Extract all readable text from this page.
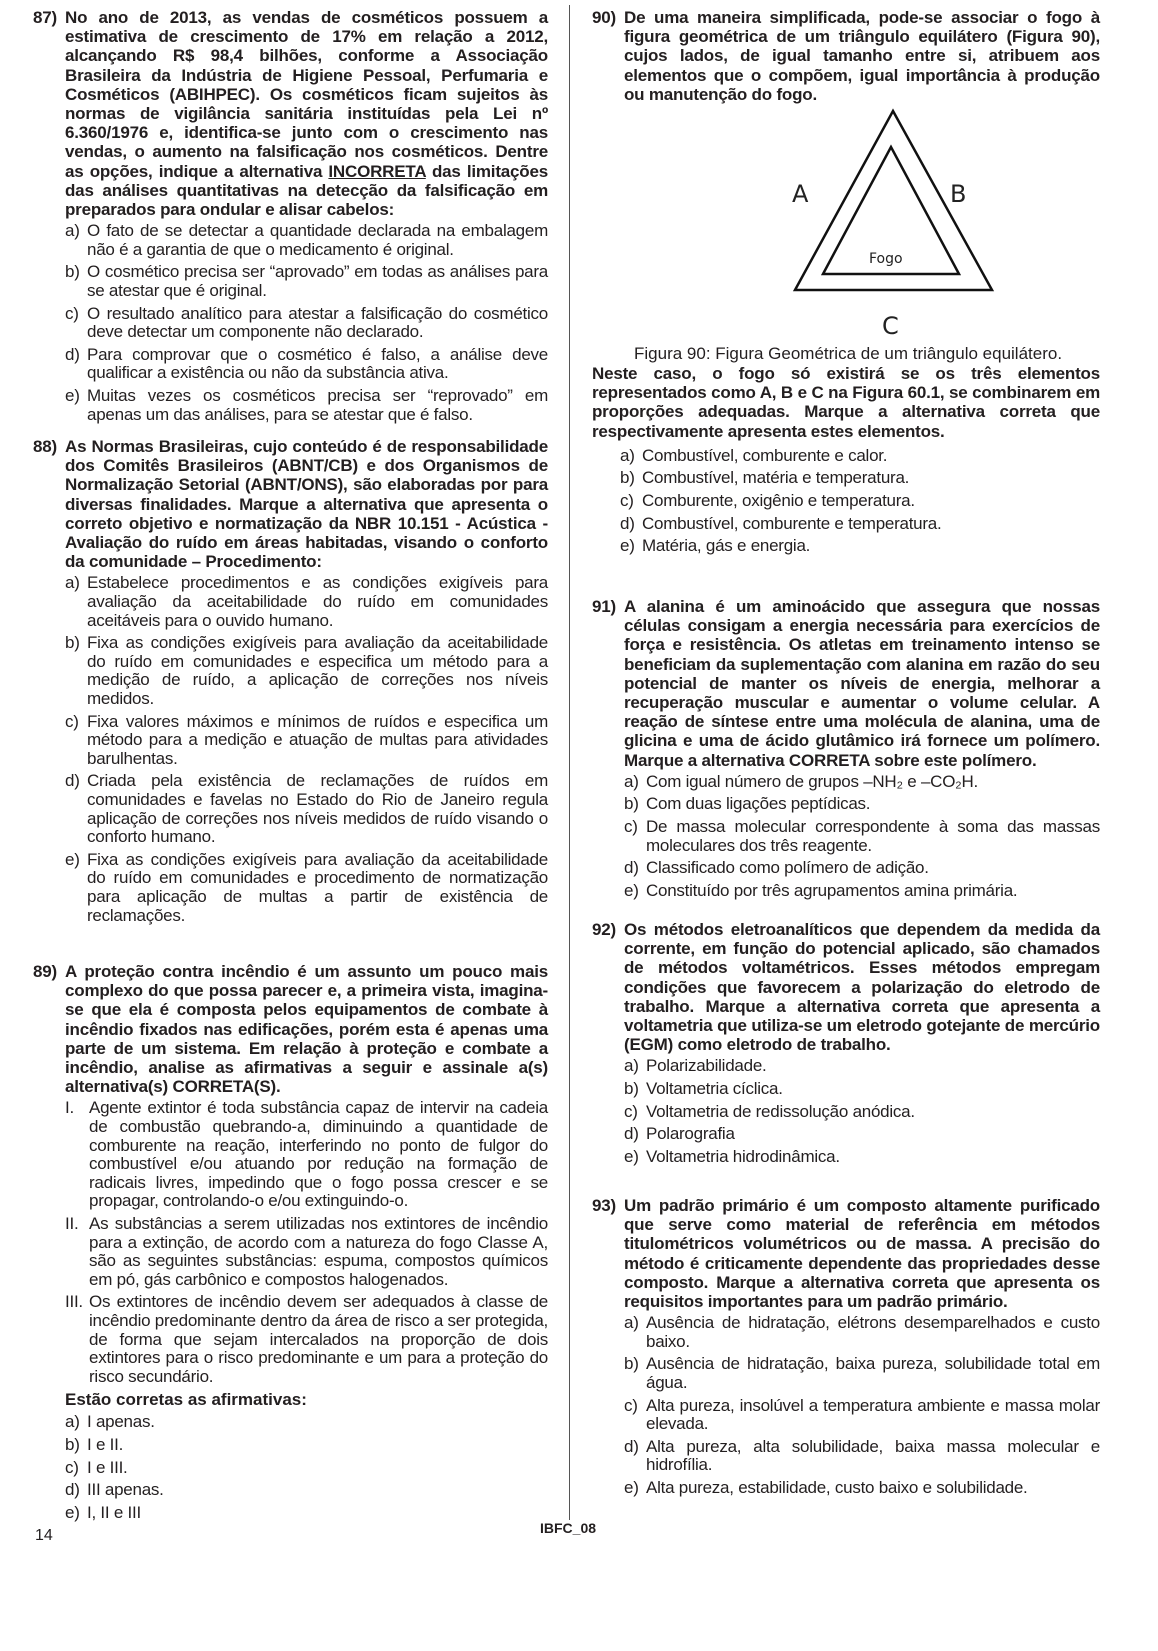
87) No ano de 2013, as vendas de cosméticos possuem a estimativa de crescimento de 17% em relação a 2012, alcançando R$ 98,4 bilhões, conforme a Associação Brasileira da Indústria de Higiene Pessoal, Perfumaria e Cosméticos (ABIHPEC). Os cosméticos ficam sujeitos às normas de vigilância sanitária instituídas pela Lei nº 6.360/1976 e, identifica-se junto com o crescimento nas vendas, o aumento na falsificação nos cosméticos. Dentre as opções, indique a alternativa INCORRETA das limitações das análises quantitativas na detecção da falsificação em preparados para ondular e alisar cabelos:
a) O fato de se detectar a quantidade declarada na embalagem não é a garantia de que o medicamento é original.
b) O cosmético precisa ser “aprovado” em todas as análises para se atestar que é original.
c) O resultado analítico para atestar a falsificação do cosmético deve detectar um componente não declarado.
d) Para comprovar que o cosmético é falso, a análise deve qualificar a existência ou não da substância ativa.
e) Muitas vezes os cosméticos precisa ser “reprovado” em apenas um das análises, para se atestar que é falso.
88) As Normas Brasileiras, cujo conteúdo é de responsabilidade dos Comitês Brasileiros (ABNT/CB) e dos Organismos de Normalização Setorial (ABNT/ONS), são elaboradas por para diversas finalidades. Marque a alternativa que apresenta o correto objetivo e normatização da NBR 10.151 - Acústica - Avaliação do ruído em áreas habitadas, visando o conforto da comunidade – Procedimento:
a) Estabelece procedimentos e as condições exigíveis para avaliação da aceitabilidade do ruído em comunidades aceitáveis para o ouvido humano.
b) Fixa as condições exigíveis para avaliação da aceitabilidade do ruído em comunidades e especifica um método para a medição de ruído, a aplicação de correções nos níveis medidos.
c) Fixa valores máximos e mínimos de ruídos e especifica um método para a medição e atuação de multas para atividades barulhentas.
d) Criada pela existência de reclamações de ruídos em comunidades e favelas no Estado do Rio de Janeiro regula aplicação de correções nos níveis medidos de ruído visando o conforto humano.
e) Fixa as condições exigíveis para avaliação da aceitabilidade do ruído em comunidades e procedimento de normatização para aplicação de multas a partir de existência de reclamações.
89) A proteção contra incêndio é um assunto um pouco mais complexo do que possa parecer e, a primeira vista, imagina-se que ela é composta pelos equipamentos de combate à incêndio fixados nas edificações, porém esta é apenas uma parte de um sistema. Em relação à proteção e combate a incêndio, analise as afirmativas a seguir e assinale a(s) alternativa(s) CORRETA(S).
I. Agente extintor é toda substância capaz de intervir na cadeia de combustão quebrando-a, diminuindo a quantidade de comburente na reação, interferindo no ponto de fulgor do combustível e/ou atuando por redução na formação de radicais livres, impedindo que o fogo possa crescer e se propagar, controlando-o e/ou extinguindo-o.
II. As substâncias a serem utilizadas nos extintores de incêndio para a extinção, de acordo com a natureza do fogo Classe A, são as seguintes substâncias: espuma, compostos químicos em pó, gás carbônico e compostos halogenados.
III. Os extintores de incêndio devem ser adequados à classe de incêndio predominante dentro da área de risco a ser protegida, de forma que sejam intercalados na proporção de dois extintores para o risco predominante e um para a proteção do risco secundário.
Estão corretas as afirmativas:
a) I apenas.
b) I e II.
c) I e III.
d) III apenas.
e) I, II e III
90) De uma maneira simplificada, pode-se associar o fogo à figura geométrica de um triângulo equilátero (Figura 90), cujos lados, de igual tamanho entre si, atribuem aos elementos que o compõem, igual importância à produção ou manutenção do fogo.
A	B
C
Fogo
Figura 90: Figura Geométrica de um triângulo equilátero.
Neste caso, o fogo só existirá se os três elementos representados como A, B e C na Figura 60.1, se combinarem em proporções adequadas. Marque a alternativa correta que respectivamente apresenta estes elementos.
a) Combustível, comburente e calor.
b) Combustível, matéria e temperatura.
c) Comburente, oxigênio e temperatura.
d) Combustível, comburente e temperatura.
e) Matéria, gás e energia.
91) A alanina é um aminoácido que assegura que nossas células consigam a energia necessária para exercícios de força e resistência. Os atletas em treinamento intenso se beneficiam da suplementação com alanina em razão do seu potencial de manter os níveis de energia, melhorar a recuperação muscular e aumentar o volume celular. A reação de síntese entre uma molécula de alanina, uma de glicina e uma de ácido glutâmico irá fornece um polímero. Marque a alternativa CORRETA sobre este polímero.
a) Com igual número de grupos –NH₂ e –CO₂H.
b) Com duas ligações peptídicas.
c) De massa molecular correspondente à soma das massas moleculares dos três reagente.
d) Classificado como polímero de adição.
e) Constituído por três agrupamentos amina primária.
92) Os métodos eletroanalíticos que dependem da medida da corrente, em função do potencial aplicado, são chamados de métodos voltamétricos. Esses métodos empregam condições que favorecem a polarização do eletrodo de trabalho. Marque a alternativa correta que apresenta a voltametria que utiliza-se um eletrodo gotejante de mercúrio (EGM) como eletrodo de trabalho.
a) Polarizabilidade.
b) Voltametria cíclica.
c) Voltametria de redissolução anódica.
d) Polarografia
e) Voltametria hidrodinâmica.
93) Um padrão primário é um composto altamente purificado que serve como material de referência em métodos titulométricos volumétricos ou de massa. A precisão do método é criticamente dependente das propriedades desse composto. Marque a alternativa correta que apresenta os requisitos importantes para um padrão primário.
a) Ausência de hidratação, elétrons desemparelhados e custo baixo.
b) Ausência de hidratação, baixa pureza, solubilidade total em água.
c) Alta pureza, insolúvel a temperatura ambiente e massa molar elevada.
d) Alta pureza, alta solubilidade, baixa massa molecular e hidrofília.
e) Alta pureza, estabilidade, custo baixo e solubilidade.
14	IBFC_08
